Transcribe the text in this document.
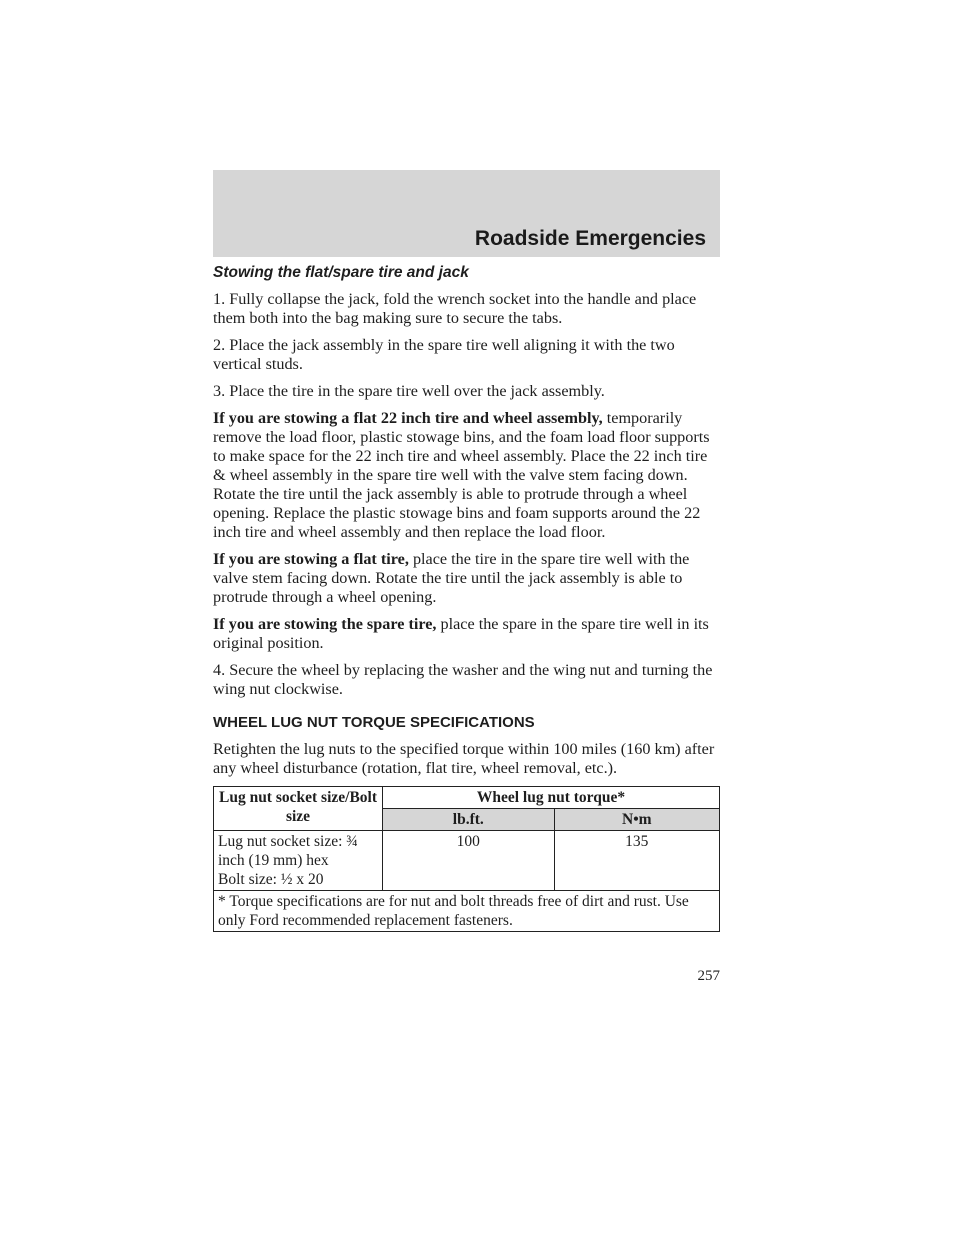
Roadside Emergencies
Stowing the flat/spare tire and jack

1. Fully collapse the jack, fold the wrench socket into the handle and place them both into the bag making sure to secure the tabs.

2. Place the jack assembly in the spare tire well aligning it with the two vertical studs.

3. Place the tire in the spare tire well over the jack assembly.

If you are stowing a flat 22 inch tire and wheel assembly, temporarily remove the load floor, plastic stowage bins, and the foam load floor supports to make space for the 22 inch tire and wheel assembly. Place the 22 inch tire & wheel assembly in the spare tire well with the valve stem facing down. Rotate the tire until the jack assembly is able to protrude through a wheel opening. Replace the plastic stowage bins and foam supports around the 22 inch tire and wheel assembly and then replace the load floor.

If you are stowing a flat tire, place the tire in the spare tire well with the valve stem facing down. Rotate the tire until the jack assembly is able to protrude through a wheel opening.

If you are stowing the spare tire, place the spare in the spare tire well in its original position.

4. Secure the wheel by replacing the washer and the wing nut and turning the wing nut clockwise.

WHEEL LUG NUT TORQUE SPECIFICATIONS

Retighten the lug nuts to the specified torque within 100 miles (160 km) after any wheel disturbance (rotation, flat tire, wheel removal, etc.).

Lug nut socket size/Bolt size	Wheel lug nut torque*	
	lb.ft.	N•m

Lug nut socket size: ¾
inch (19 mm) hex
Bolt size: ½ x 20	100	135
* Torque specifications are for nut and bolt threads free of dirt and rust. Use only Ford recommended replacement fasteners.		
257
